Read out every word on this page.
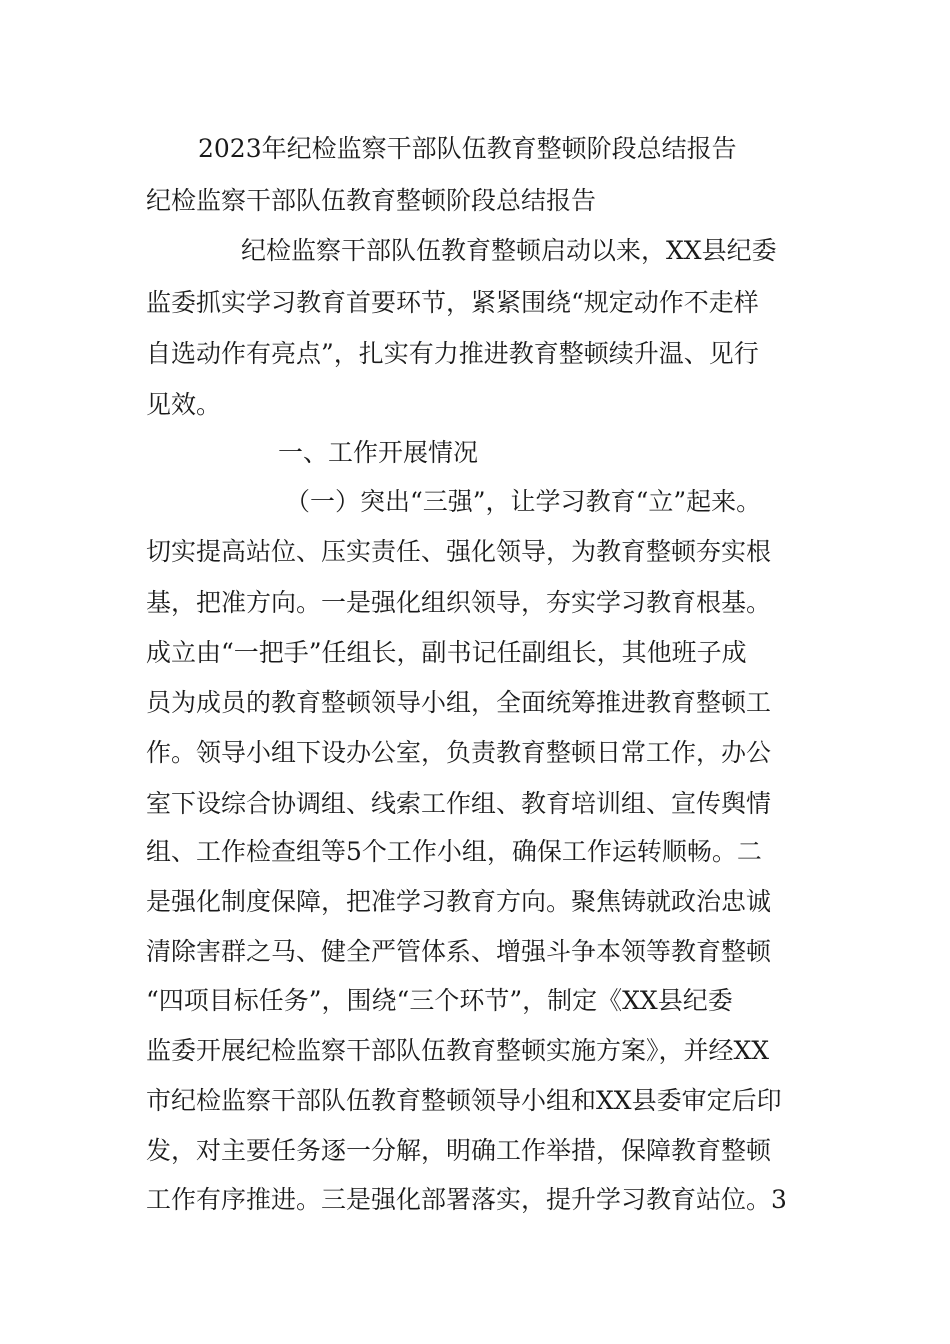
2023年纪检监察干部队伍教育整顿阶段总结报告
纪检监察干部队伍教育整顿阶段总结报告
纪检监察干部队伍教育整顿启动以来，XX县纪委
监委抓实学习教育首要环节，紧紧围绕“规定动作不走样
自选动作有亮点”，扎实有力推进教育整顿续升温、见行
见效。
一、工作开展情况
（一）突出“三强”，让学习教育“立”起来。
切实提高站位、压实责任、强化领导，为教育整顿夯实根
基，把准方向。一是强化组织领导，夯实学习教育根基。
成立由“一把手”任组长，副书记任副组长，其他班子成
员为成员的教育整顿领导小组，全面统筹推进教育整顿工
作。领导小组下设办公室，负责教育整顿日常工作，办公
室下设综合协调组、线索工作组、教育培训组、宣传舆情
组、工作检查组等5个工作小组，确保工作运转顺畅。二
是强化制度保障，把准学习教育方向。聚焦铸就政治忠诚
清除害群之马、健全严管体系、增强斗争本领等教育整顿
“四项目标任务”，围绕“三个环节”，制定《XX县纪委
监委开展纪检监察干部队伍教育整顿实施方案》，并经XX
市纪检监察干部队伍教育整顿领导小组和XX县委审定后印
发，对主要任务逐一分解，明确工作举措，保障教育整顿
工作有序推进。三是强化部署落实，提升学习教育站位。3
